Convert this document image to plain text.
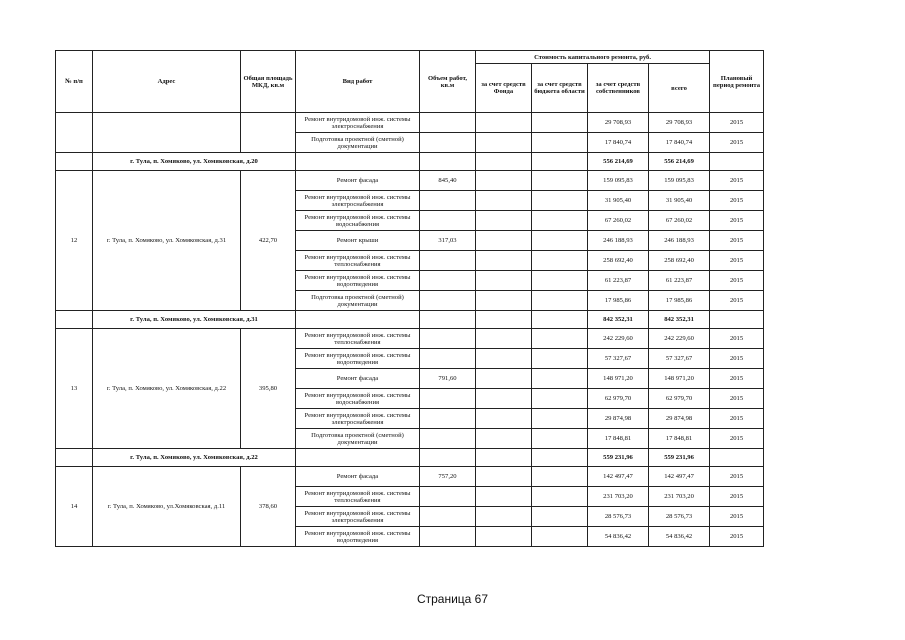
№ п/п	Адрес	Общая площадь МКД, кв.м	Вид работ	Объем работ, кв.м	Стоимость капитального ремонта, руб.				Плановый период ремонта
					за счет средств Фонда	за счет средств бюджета области	за счет средств собственников	всего	
			Ремонт внутридомовой инж. системы электроснабжения				29 708,93	29 708,93	2015
			Подготовка проектной (сметной) документации				17 840,74	17 840,74	2015
	г. Тула, п. Хомяково, ул. Хомяковская, д.20						556 214,69	556 214,69	
12	г. Тула, п. Хомяково, ул. Хомяковская, д.31	422,70	Ремонт фасада	845,40			159 095,83	159 095,83	2015
			Ремонт внутридомовой инж. системы электроснабжения				31 905,40	31 905,40	2015
			Ремонт внутридомовой инж. системы водоснабжения				67 260,02	67 260,02	2015
			Ремонт крыши	317,03			246 188,93	246 188,93	2015
			Ремонт внутридомовой инж. системы теплоснабжения				258 692,40	258 692,40	2015
			Ремонт внутридомовой инж. системы водоотведения				61 223,87	61 223,87	2015
			Подготовка проектной (сметной) документации				17 985,86	17 985,86	2015
	г. Тула, п. Хомяково, ул. Хомяковская, д.31						842 352,31	842 352,31	
13	г. Тула, п. Хомяково, ул. Хомяковская, д.22	395,80	Ремонт внутридомовой инж. системы теплоснабжения				242 229,60	242 229,60	2015
			Ремонт внутридомовой инж. системы водоотведения				57 327,67	57 327,67	2015
			Ремонт фасада	791,60			148 971,20	148 971,20	2015
			Ремонт внутридомовой инж. системы водоснабжения				62 979,70	62 979,70	2015
			Ремонт внутридомовой инж. системы электроснабжения				29 874,98	29 874,98	2015
			Подготовка проектной (сметной) документации				17 848,81	17 848,81	2015
	г. Тула, п. Хомяково, ул. Хомяковская, д.22						559 231,96	559 231,96	
14	г. Тула, п. Хомяково, ул.Хомяковская, д.11	378,60	Ремонт фасада	757,20			142 497,47	142 497,47	2015
			Ремонт внутридомовой инж. системы теплоснабжения				231 703,20	231 703,20	2015
			Ремонт внутридомовой инж. системы электроснабжения				28 576,73	28 576,73	2015
			Ремонт внутридомовой инж. системы водоотведения				54 836,42	54 836,42	2015
Страница 67
